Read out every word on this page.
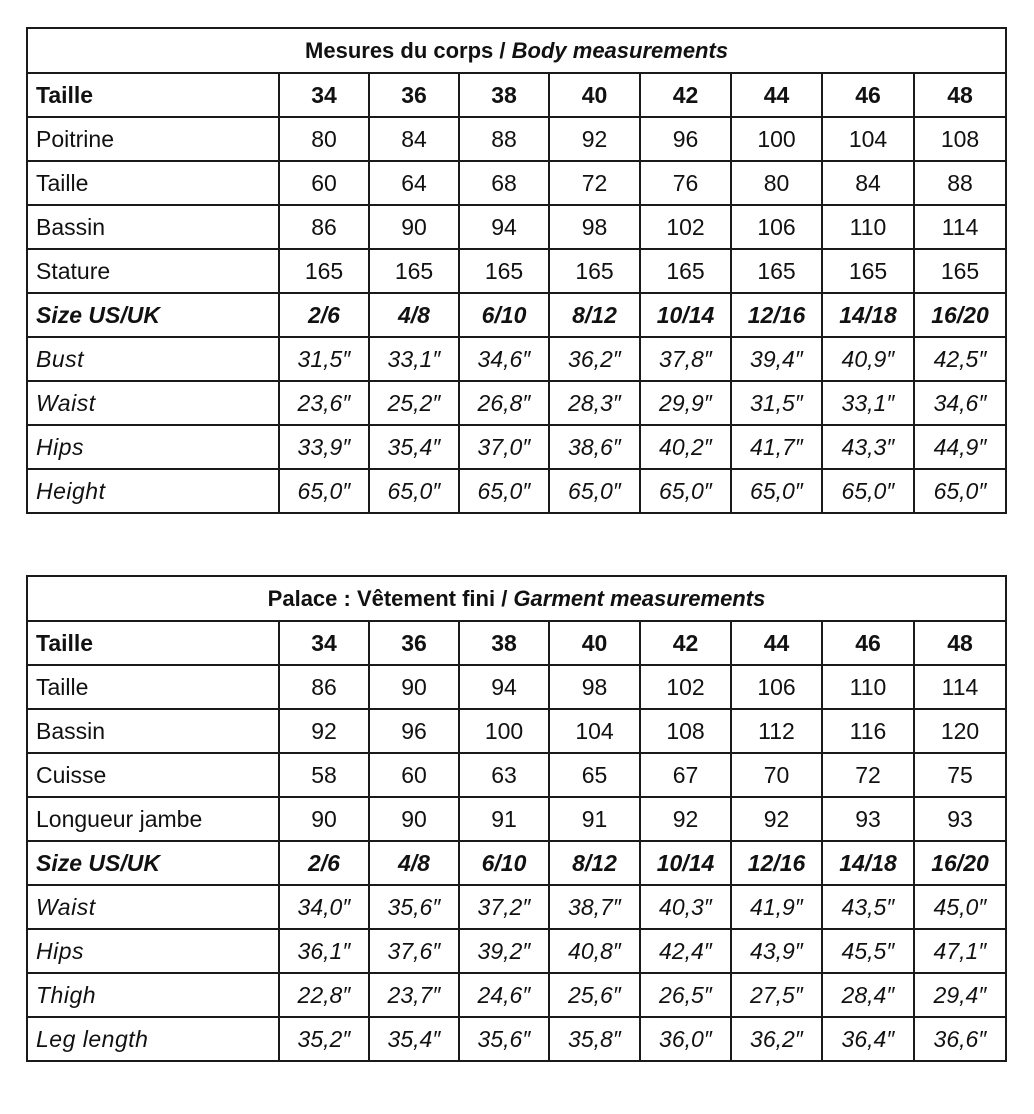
Mesures du corps / Body measurements								
Taille	34	36	38	40	42	44	46	48
Poitrine	80	84	88	92	96	100	104	108
Taille	60	64	68	72	76	80	84	88
Bassin	86	90	94	98	102	106	110	114
Stature	165	165	165	165	165	165	165	165
Size US/UK	2/6	4/8	6/10	8/12	10/14	12/16	14/18	16/20
Bust	31,5″	33,1″	34,6″	36,2″	37,8″	39,4″	40,9″	42,5″
Waist	23,6″	25,2″	26,8″	28,3″	29,9″	31,5″	33,1″	34,6″
Hips	33,9″	35,4″	37,0″	38,6″	40,2″	41,7″	43,3″	44,9″
Height	65,0″	65,0″	65,0″	65,0″	65,0″	65,0″	65,0″	65,0″
Palace : Vêtement fini / Garment measurements								
Taille	34	36	38	40	42	44	46	48
Taille	86	90	94	98	102	106	110	114
Bassin	92	96	100	104	108	112	116	120
Cuisse	58	60	63	65	67	70	72	75
Longueur jambe	90	90	91	91	92	92	93	93
Size US/UK	2/6	4/8	6/10	8/12	10/14	12/16	14/18	16/20
Waist	34,0″	35,6″	37,2″	38,7″	40,3″	41,9″	43,5″	45,0″
Hips	36,1″	37,6″	39,2″	40,8″	42,4″	43,9″	45,5″	47,1″
Thigh	22,8″	23,7″	24,6″	25,6″	26,5″	27,5″	28,4″	29,4″
Leg length	35,2″	35,4″	35,6″	35,8″	36,0″	36,2″	36,4″	36,6″
